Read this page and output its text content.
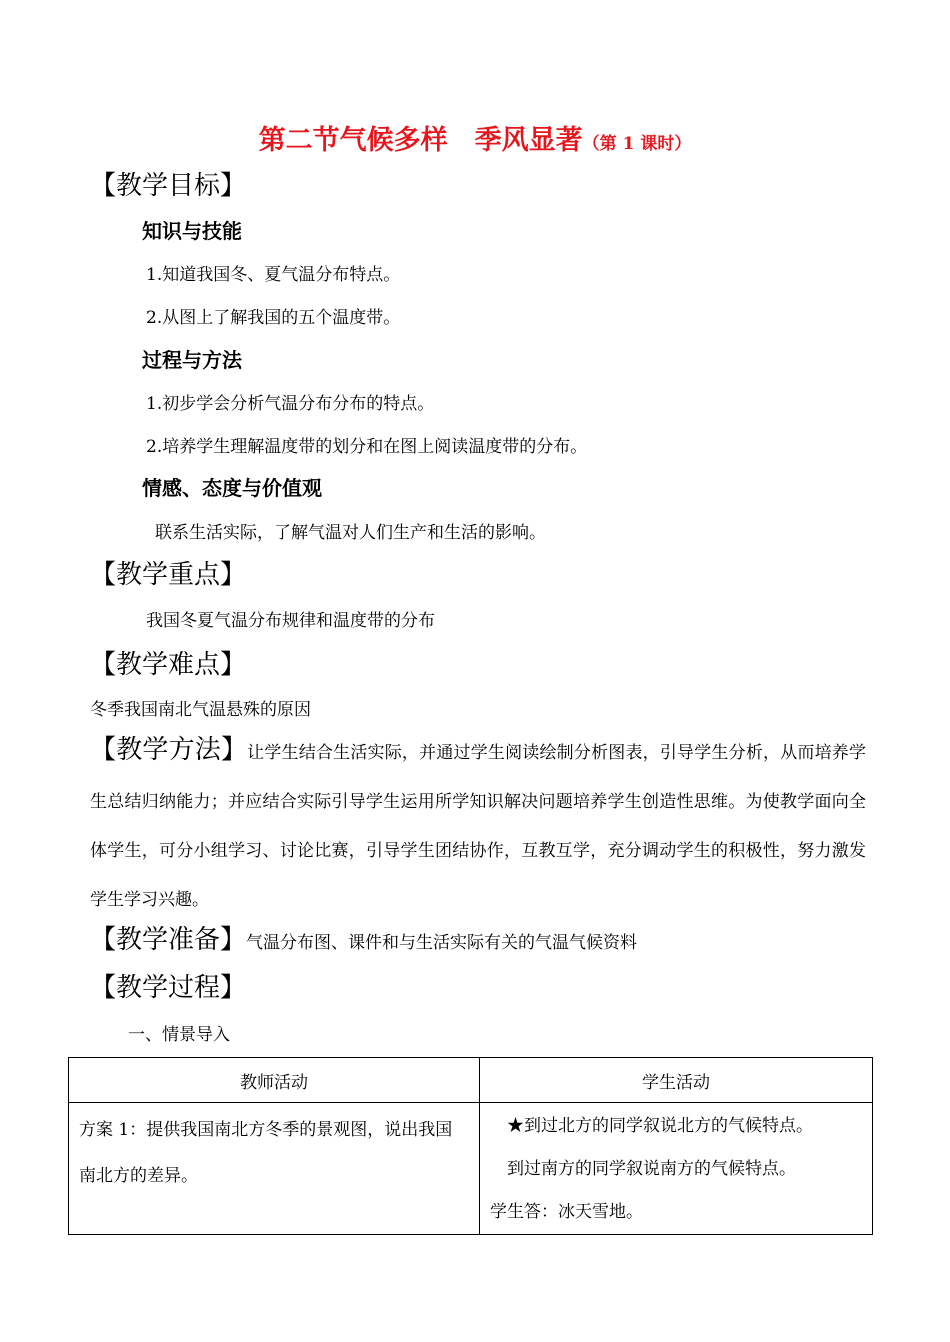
第二节气候多样　季风显著（第 1 课时）
【教学目标】
知识与技能
1.知道我国冬、夏气温分布特点。
2.从图上了解我国的五个温度带。
过程与方法
1.初步学会分析气温分布分布的特点。
2.培养学生理解温度带的划分和在图上阅读温度带的分布。
情感、态度与价值观
联系生活实际，了解气温对人们生产和生活的影响。
【教学重点】
我国冬夏气温分布规律和温度带的分布
【教学难点】
冬季我国南北气温悬殊的原因
【教学方法】让学生结合生活实际，并通过学生阅读绘制分析图表，引导学生分析，从而培养学生总结归纳能力；并应结合实际引导学生运用所学知识解决问题培养学生创造性思维。为使教学面向全体学生，可分小组学习、讨论比赛，引导学生团结协作，互教互学，充分调动学生的积极性，努力激发学生学习兴趣。
【教学准备】气温分布图、课件和与生活实际有关的气温气候资料
【教学过程】
一、情景导入
教师活动	学生活动
方案 1：提供我国南北方冬季的景观图，说出我国南北方的差异。	★到过北方的同学叙说北方的气候特点。
到过南方的同学叙说南方的气候特点。
学生答：冰天雪地。
